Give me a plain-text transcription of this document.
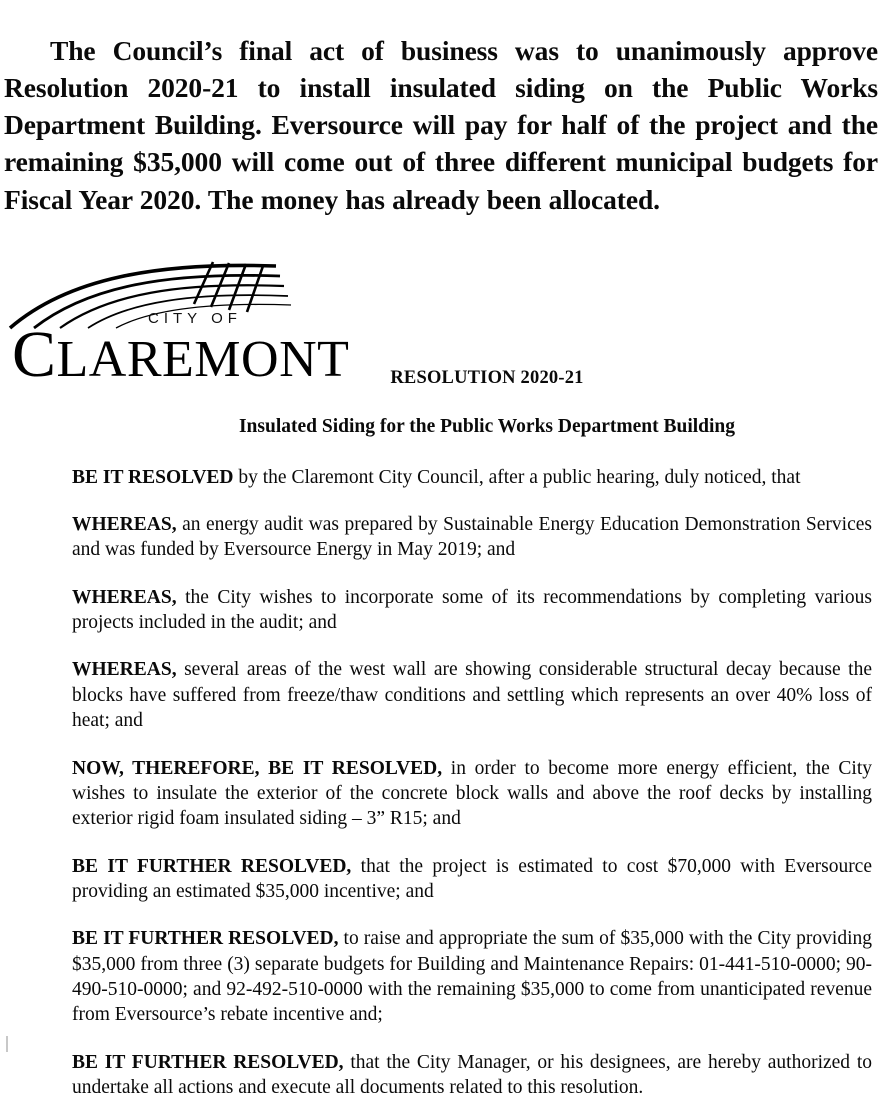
The Council’s final act of business was to unanimously approve Resolution 2020-21 to install insulated siding on the Public Works Department Building. Eversource will pay for half of the project and the remaining $35,000 will come out of three different municipal budgets for Fiscal Year 2020. The money has already been allocated.

CITY OF
CLAREMONT	RESOLUTION 2020-21
Insulated Siding for the Public Works Department Building

BE IT RESOLVED by the Claremont City Council, after a public hearing, duly noticed, that

WHEREAS, an energy audit was prepared by Sustainable Energy Education Demonstration Services and was funded by Eversource Energy in May 2019; and

WHEREAS, the City wishes to incorporate some of its recommendations by completing various projects included in the audit; and

WHEREAS, several areas of the west wall are showing considerable structural decay because the blocks have suffered from freeze/thaw conditions and settling which represents an over 40% loss of heat; and

NOW, THEREFORE, BE IT RESOLVED, in order to become more energy efficient, the City wishes to insulate the exterior of the concrete block walls and above the roof decks by installing exterior rigid foam insulated siding – 3” R15; and

BE IT FURTHER RESOLVED, that the project is estimated to cost $70,000 with Eversource providing an estimated $35,000 incentive; and

BE IT FURTHER RESOLVED, to raise and appropriate the sum of $35,000 with the City providing $35,000 from three (3) separate budgets for Building and Maintenance Repairs: 01-441-510-0000; 90-490-510-0000; and 92-492-510-0000 with the remaining $35,000 to come from unanticipated revenue from Eversource’s rebate incentive and;

BE IT FURTHER RESOLVED, that the City Manager, or his designees, are hereby authorized to undertake all actions and execute all documents related to this resolution.
